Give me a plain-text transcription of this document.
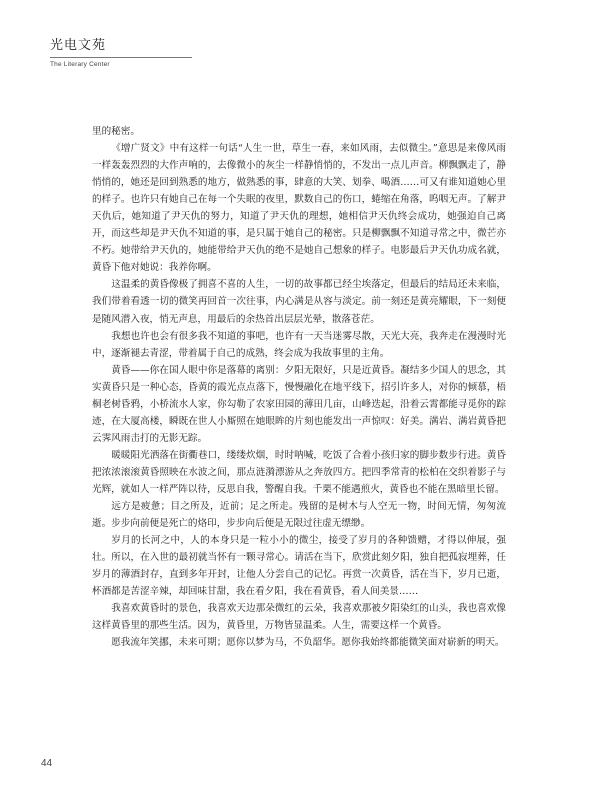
光电文苑
The Literary Center

里的秘密。

《增广贤文》中有这样一句话“人生一世，草生一春，来如风雨，去似微尘。”意思是来像风雨一样轰轰烈烈的大作声响的，去像微小的灰尘一样静悄悄的，不发出一点儿声音。柳飘飘走了，静悄悄的，她还是回到熟悉的地方，做熟悉的事，肆意的大笑、划拳、喝酒……可又有谁知道她心里的样子。也许只有她自己在每一个失眠的夜里，默数自己的伤口，蜷缩在角落，呜咽无声。了解尹天仇后，她知道了尹天仇的努力，知道了尹天仇的理想，她相信尹天仇终会成功，她强迫自己离开，而这些却是尹天仇不知道的事，是只属于她自己的秘密。只是柳飘飘不知道寻常之中，微芒亦不朽。她带给尹天仇的，她能带给尹天仇的绝不是她自己想象的样子。电影最后尹天仇功成名就，黄昏下他对她说：我养你啊。

这温柔的黄昏像极了拥喜不喜的人生，一切的故事都已经尘埃落定，但最后的结局还未来临，我们带着看透一切的微笑再回首一次往事，内心满是从容与淡定。前一刻还是黄亮耀眼，下一刻便是随风潜入夜，悄无声息，用最后的余热首出层层光晕，散落苍茫。

我想也许也会有很多我不知道的事吧，也许有一天当迷雾尽散，天光大亮，我奔走在漫漫时光中，逐渐褪去青涩，带着属于自己的成熟，终会成为我故事里的主角。

黄昏——你在国人眼中你是落幕的离别：夕阳无限好，只是近黄昏。凝结多少国人的思念，其实黄昏只是一种心态，昏黄的霞光点点落下，慢慢融化在地平线下，招引许多人，对你的倾慕，梧桐老树昏鸦，小桥流水人家，你勾勒了农家田园的薄田几亩，山峰迭起，沿着云霄都能寻觅你的踪迹，在大厦高楼，瞬既在世人小厮照在她眼眸的片刻也能发出一声惊叹：好美。满岩、满岩黄昏把云霁风雨击打的无影无踪。

暖暖阳光洒落在街衢巷口，缕缕炊烟，时时呐喊，吃饭了合着小孩归家的脚步数步行进。黄昏把浓浓滚滚黄昏照映在水波之间，那点涟漪漂游从之奔放四方。把四季常青的松柏在交织着影子与光辉，就如人一样严阵以待，反思自我，警醒自我。千栗不能遇煎火，黄昏也不能在黑暗里长留。

远方是疲惫；目之所及，近前；足之所走。残留的是树木与人空无一物，时间无情，匆匆流逝。步步向前便是死亡的烙印，步步向后便是无限过往虚无缥缈。

岁月的长河之中，人的本身只是一粒小小的微尘，接受了岁月的各种馈赠，才得以伸展，强壮。所以，在入世的最初就当怀有一颗寻常心。请活在当下，欣赏此刻夕阳，独自把孤寂埋葬，任岁月的薄酒封存，直到多年开封，让他人分尝自己的记忆。再赏一次黄昏，活在当下，岁月已逝，杯酒都是苦涩辛辣，却回味甘甜，我在看夕阳，我在看黄昏，看人间美景……

我喜欢黄昏时的景色，我喜欢天边那朵微红的云朵，我喜欢那被夕阳染红的山头，我也喜欢像这样黄昏里的那些生活。因为，黄昏里，万物皆显温柔。人生，需要这样一个黄昏。

愿我流年笑挪，未来可期；愿你以梦为马，不负韶华。愿你我始终都能微笑面对崭新的明天。

44
